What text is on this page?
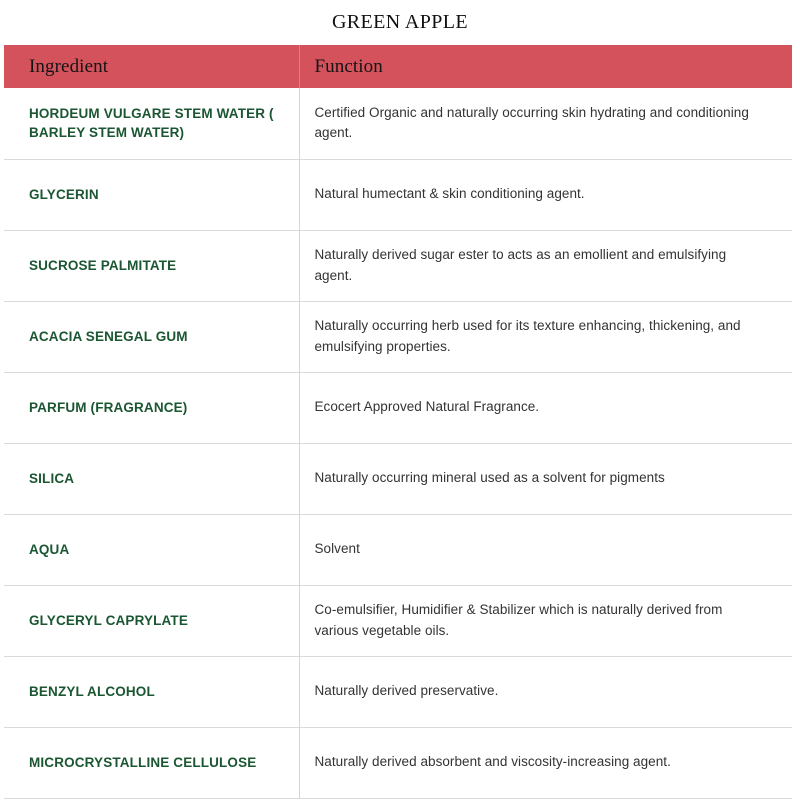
GREEN APPLE
Ingredient	Function
HORDEUM VULGARE STEM WATER ( BARLEY STEM WATER)	Certified Organic and naturally occurring skin hydrating and conditioning agent.
GLYCERIN	Natural humectant & skin conditioning agent.
SUCROSE PALMITATE	Naturally derived sugar ester to acts as an emollient and emulsifying agent.
ACACIA SENEGAL GUM	Naturally occurring herb used for its texture enhancing, thickening, and emulsifying properties.
PARFUM (FRAGRANCE)	Ecocert Approved Natural Fragrance.
SILICA	Naturally occurring mineral used as a solvent for pigments
AQUA	Solvent
GLYCERYL CAPRYLATE	Co-emulsifier, Humidifier & Stabilizer which is naturally derived from various vegetable oils.
BENZYL ALCOHOL	Naturally derived preservative.
MICROCRYSTALLINE CELLULOSE	Naturally derived absorbent and viscosity-increasing agent.
